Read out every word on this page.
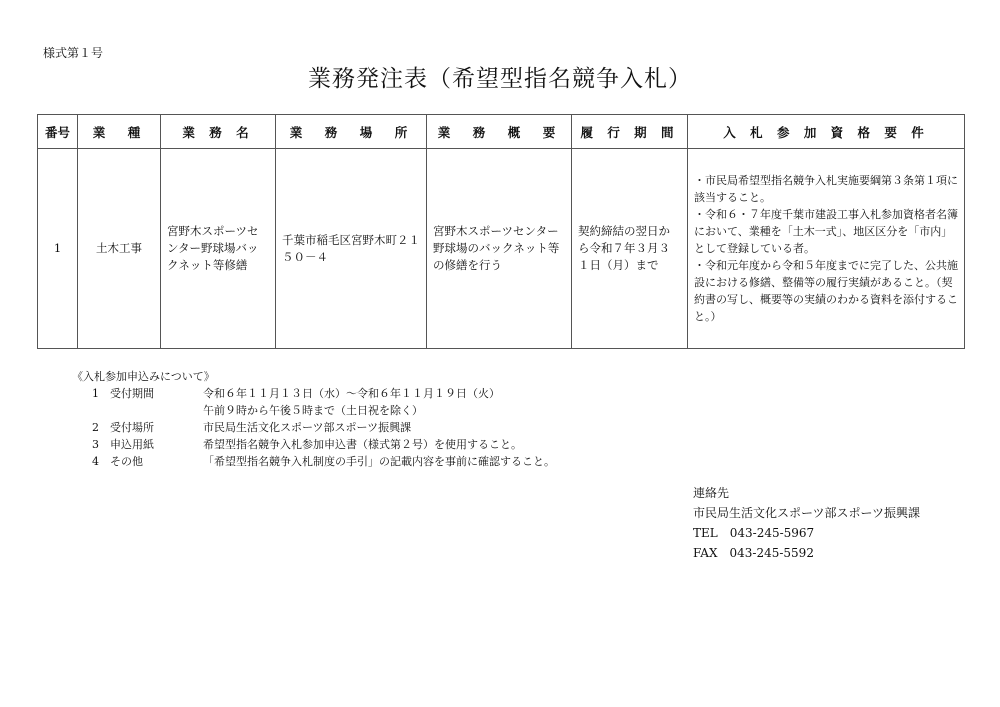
様式第１号
業務発注表（希望型指名競争入札）
番号	業　種	業 務 名	業　務　場　所	業　務　概　要	履 行 期 間	入 札 参 加 資 格 要 件
1	土木工事	宮野木スポーツセンター野球場バックネット等修繕	千葉市稲毛区宮野木町２１５０－４	宮野木スポーツセンター野球場のバックネット等の修繕を行う	契約締結の翌日から令和７年３月３１日（月）まで	・市民局希望型指名競争入札実施要綱第３条第１項に該当すること。
・令和６・７年度千葉市建設工事入札参加資格者名簿において、業種を「土木一式」、地区区分を「市内」として登録している者。
・令和元年度から令和５年度までに完了した、公共施設における修繕、整備等の履行実績があること。（契約書の写し、概要等の実績のわかる資料を添付すること。）
《入札参加申込みについて》
1 受付期間	令和６年１１月１３日（水）～令和６年１１月１９日（火）
午前９時から午後５時まで（土日祝を除く）
2 受付場所	市民局生活文化スポーツ部スポーツ振興課
3 申込用紙	希望型指名競争入札参加申込書（様式第２号）を使用すること。
4 その他	「希望型指名競争入札制度の手引」の記載内容を事前に確認すること。
連絡先
市民局生活文化スポーツ部スポーツ振興課
TEL　043-245-5967
FAX　043-245-5592
